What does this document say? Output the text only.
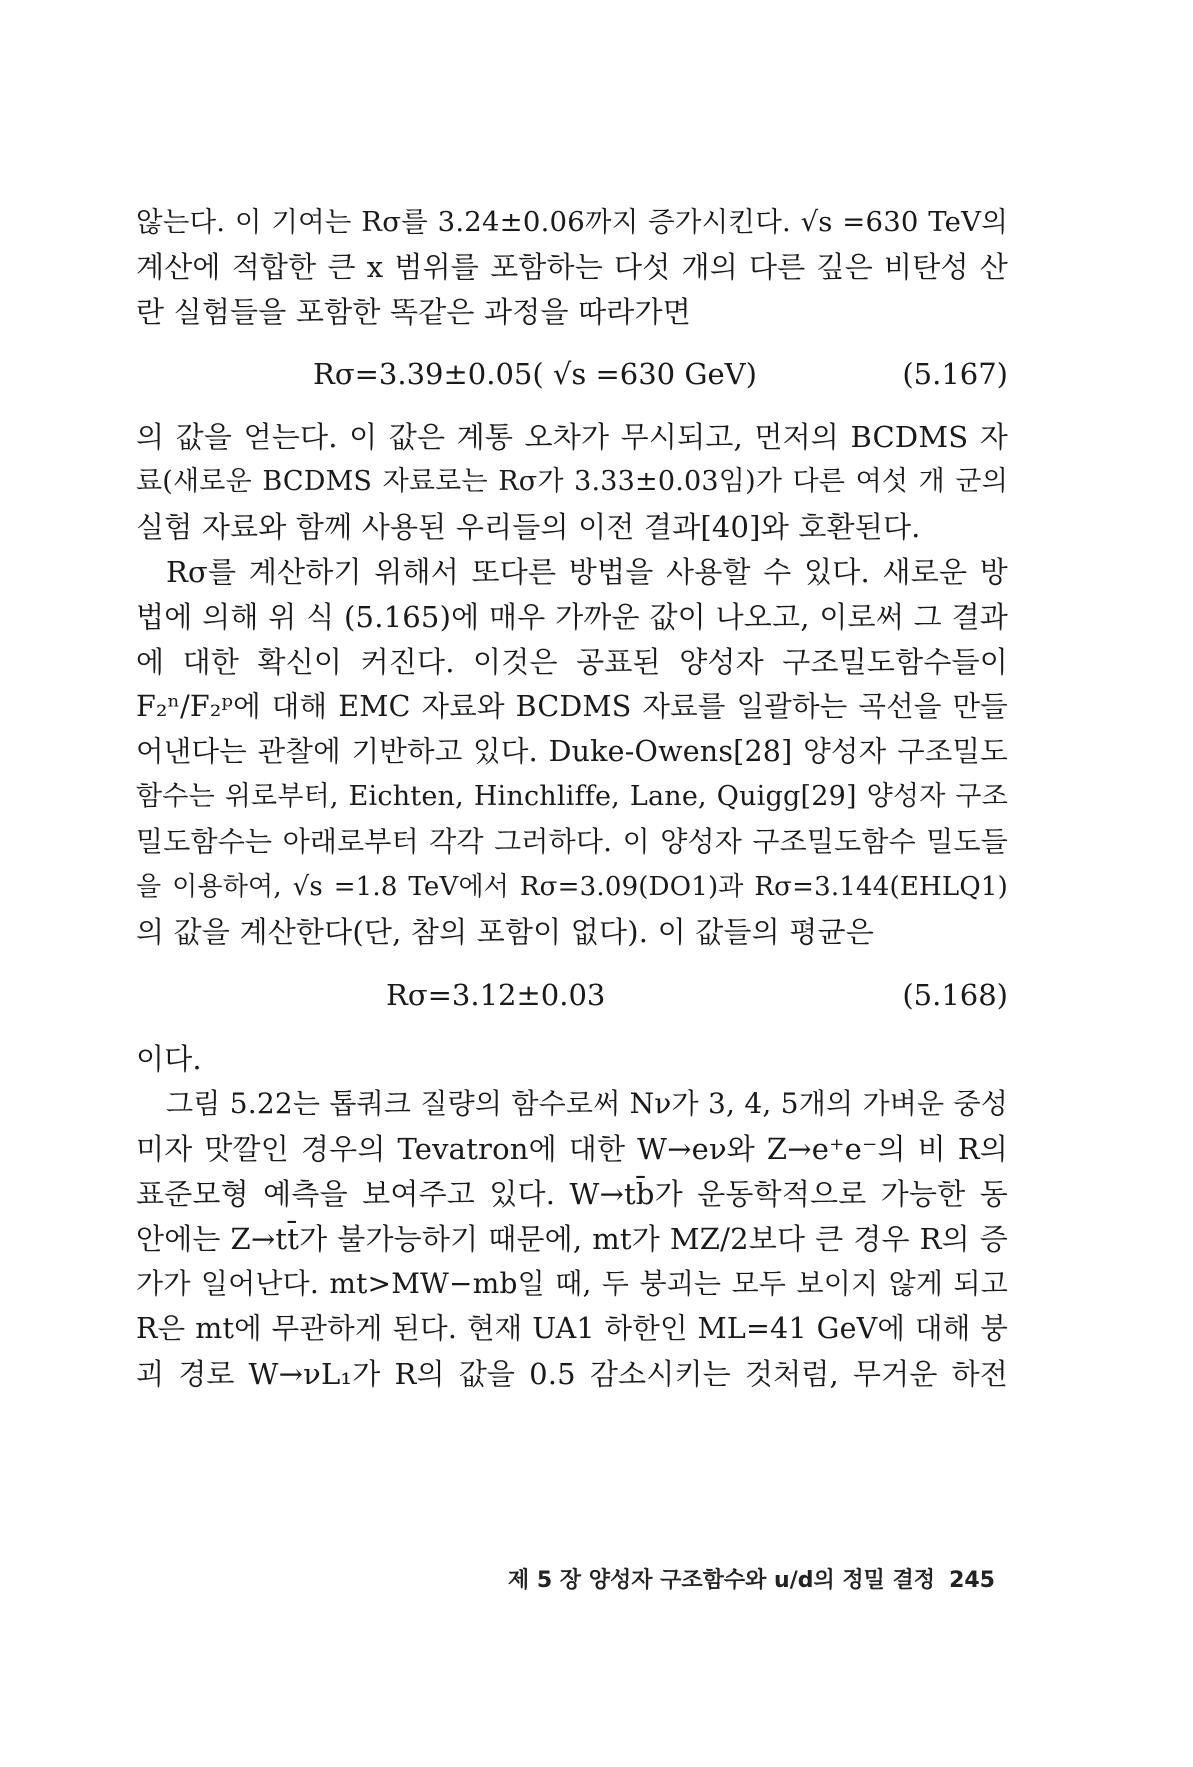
않는다. 이 기여는 Rσ를 3.24±0.06까지 증가시킨다. √s =630 TeV의
계산에 적합한 큰 x 범위를 포함하는 다섯 개의 다른 깊은 비탄성 산
란 실험들을 포함한 똑같은 과정을 따라가면
Rσ=3.39±0.05( √s =630 GeV)	(5.167)
의 값을 얻는다. 이 값은 계통 오차가 무시되고, 먼저의 BCDMS 자
료(새로운 BCDMS 자료로는 Rσ가 3.33±0.03임)가 다른 여섯 개 군의
실험 자료와 함께 사용된 우리들의 이전 결과[40]와 호환된다.
Rσ를 계산하기 위해서 또다른 방법을 사용할 수 있다. 새로운 방
법에 의해 위 식 (5.165)에 매우 가까운 값이 나오고, 이로써 그 결과
에 대한 확신이 커진다. 이것은 공표된 양성자 구조밀도함수들이
F₂ⁿ/F₂ᵖ에 대해 EMC 자료와 BCDMS 자료를 일괄하는 곡선을 만들
어낸다는 관찰에 기반하고 있다. Duke-Owens[28] 양성자 구조밀도
함수는 위로부터, Eichten, Hinchliffe, Lane, Quigg[29] 양성자 구조
밀도함수는 아래로부터 각각 그러하다. 이 양성자 구조밀도함수 밀도들
을 이용하여, √s =1.8 TeV에서 Rσ=3.09(DO1)과 Rσ=3.144(EHLQ1)
의 값을 계산한다(단, 참의 포함이 없다). 이 값들의 평균은
Rσ=3.12±0.03	(5.168)
이다.
그림 5.22는 톱쿼크 질량의 함수로써 Nν가 3, 4, 5개의 가벼운 중성
미자 맛깔인 경우의 Tevatron에 대한 W→eν와 Z→e⁺e⁻의 비 R의
표준모형 예측을 보여주고 있다. W→tb̄가 운동학적으로 가능한 동
안에는 Z→tt̄가 불가능하기 때문에, mt가 MZ/2보다 큰 경우 R의 증
가가 일어난다. mt>MW−mb일 때, 두 붕괴는 모두 보이지 않게 되고
R은 mt에 무관하게 된다. 현재 UA1 하한인 ML=41 GeV에 대해 붕
괴 경로 W→νL₁가 R의 값을 0.5 감소시키는 것처럼, 무거운 하전
제 5 장 양성자 구조함수와 u/d의 정밀 결정 245
